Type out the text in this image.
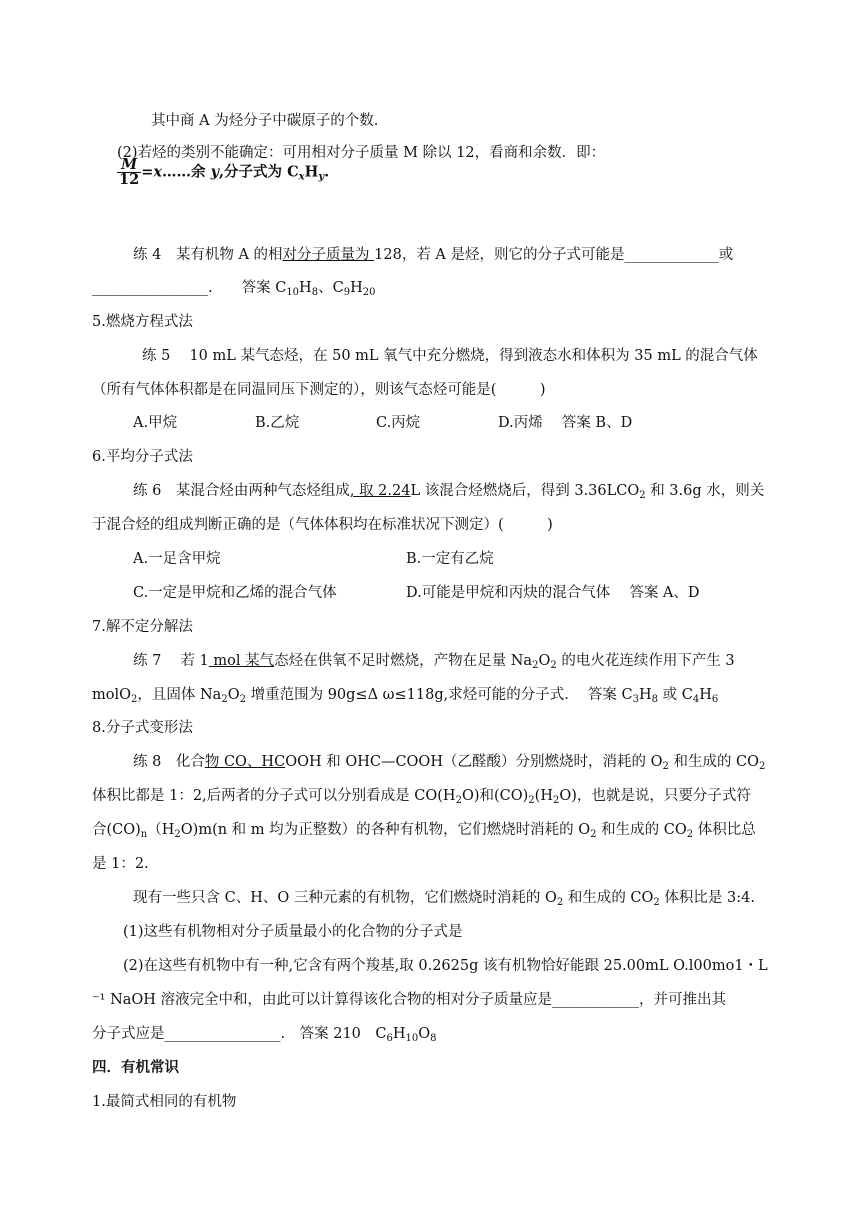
其中商 A 为烃分子中碳原子的个数.
(2)若烃的类别不能确定：可用相对分子质量 M 除以 12，看商和余数．即：
$\frac{M}{12}$ =x……余 y,分子式为 $C_xH_y$.
练 4　某有机物 A 的相对分子质量为 128，若 A 是烃，则它的分子式可能是_____________或
________________.　　答案 $C_{10}H_8$、$C_9H_{20}$
5.燃烧方程式法
练 5　 10 mL 某气态烃，在 50 mL 氧气中充分燃烧，得到液态水和体积为 35 mL 的混合气体
（所有气体体积都是在同温同压下测定的），则该气态烃可能是(　　　)
A.甲烷	B.乙烷	C.丙烷	D.丙烯　 答案 B、D
6.平均分子式法
练 6　某混合烃由两种气态烃组成, 取 2.24L 该混合烃燃烧后，得到 $3.36LCO_2$ 和 3.6g 水，则关
于混合烃的组成判断正确的是（气体体积均在标准状况下测定）(　　　)
A.一足含甲烷	B.一定有乙烷
C.一定是甲烷和乙烯的混合气体	D.可能是甲烷和丙炔的混合气体　 答案 A、D
7.解不定分解法
练 7　 若 1 mol 某气态烃在供氧不足时燃烧，产物在足量 $Na_2O_2$ 的电火花连续作用下产生 3
molO$_2$，且固体 $Na_2O_2$ 增重范围为 90g≤Δ ω≤118g,求烃可能的分子式.　 答案 $C_3H_8$ 或 $C_4H_6$
8.分子式变形法
练 8　化合物 CO、HCOOH 和 OHC—COOH（乙醛酸）分别燃烧时，消耗的 $O_2$ 和生成的 $CO_2$
体积比都是 1：2,后两者的分子式可以分别看成是 $CO(H_2O)$和$(CO)_2(H_2O)$，也就是说，只要分子式符
合$(CO)_n(H_2O)m(n$ 和 m 均为正整数）的各种有机物，它们燃烧时消耗的 $O_2$ 和生成的 $CO_2$ 体积比总
是 1：2.
现有一些只含 C、H、O 三种元素的有机物，它们燃烧时消耗的 $O_2$ 和生成的 $CO_2$ 体积比是 3:4.
(1)这些有机物相对分子质量最小的化合物的分子式是
(2)在这些有机物中有一种,它含有两个羧基,取 0.2625g 该有机物恰好能跟 25.00mL O.l00mo1・L
⁻¹ NaOH 溶液完全中和，由此可以计算得该化合物的相对分子质量应是____________，并可推出其
分子式应是________________.　答案 210　$C_6H_{10}O_8$
四．有机常识
1.最简式相同的有机物
